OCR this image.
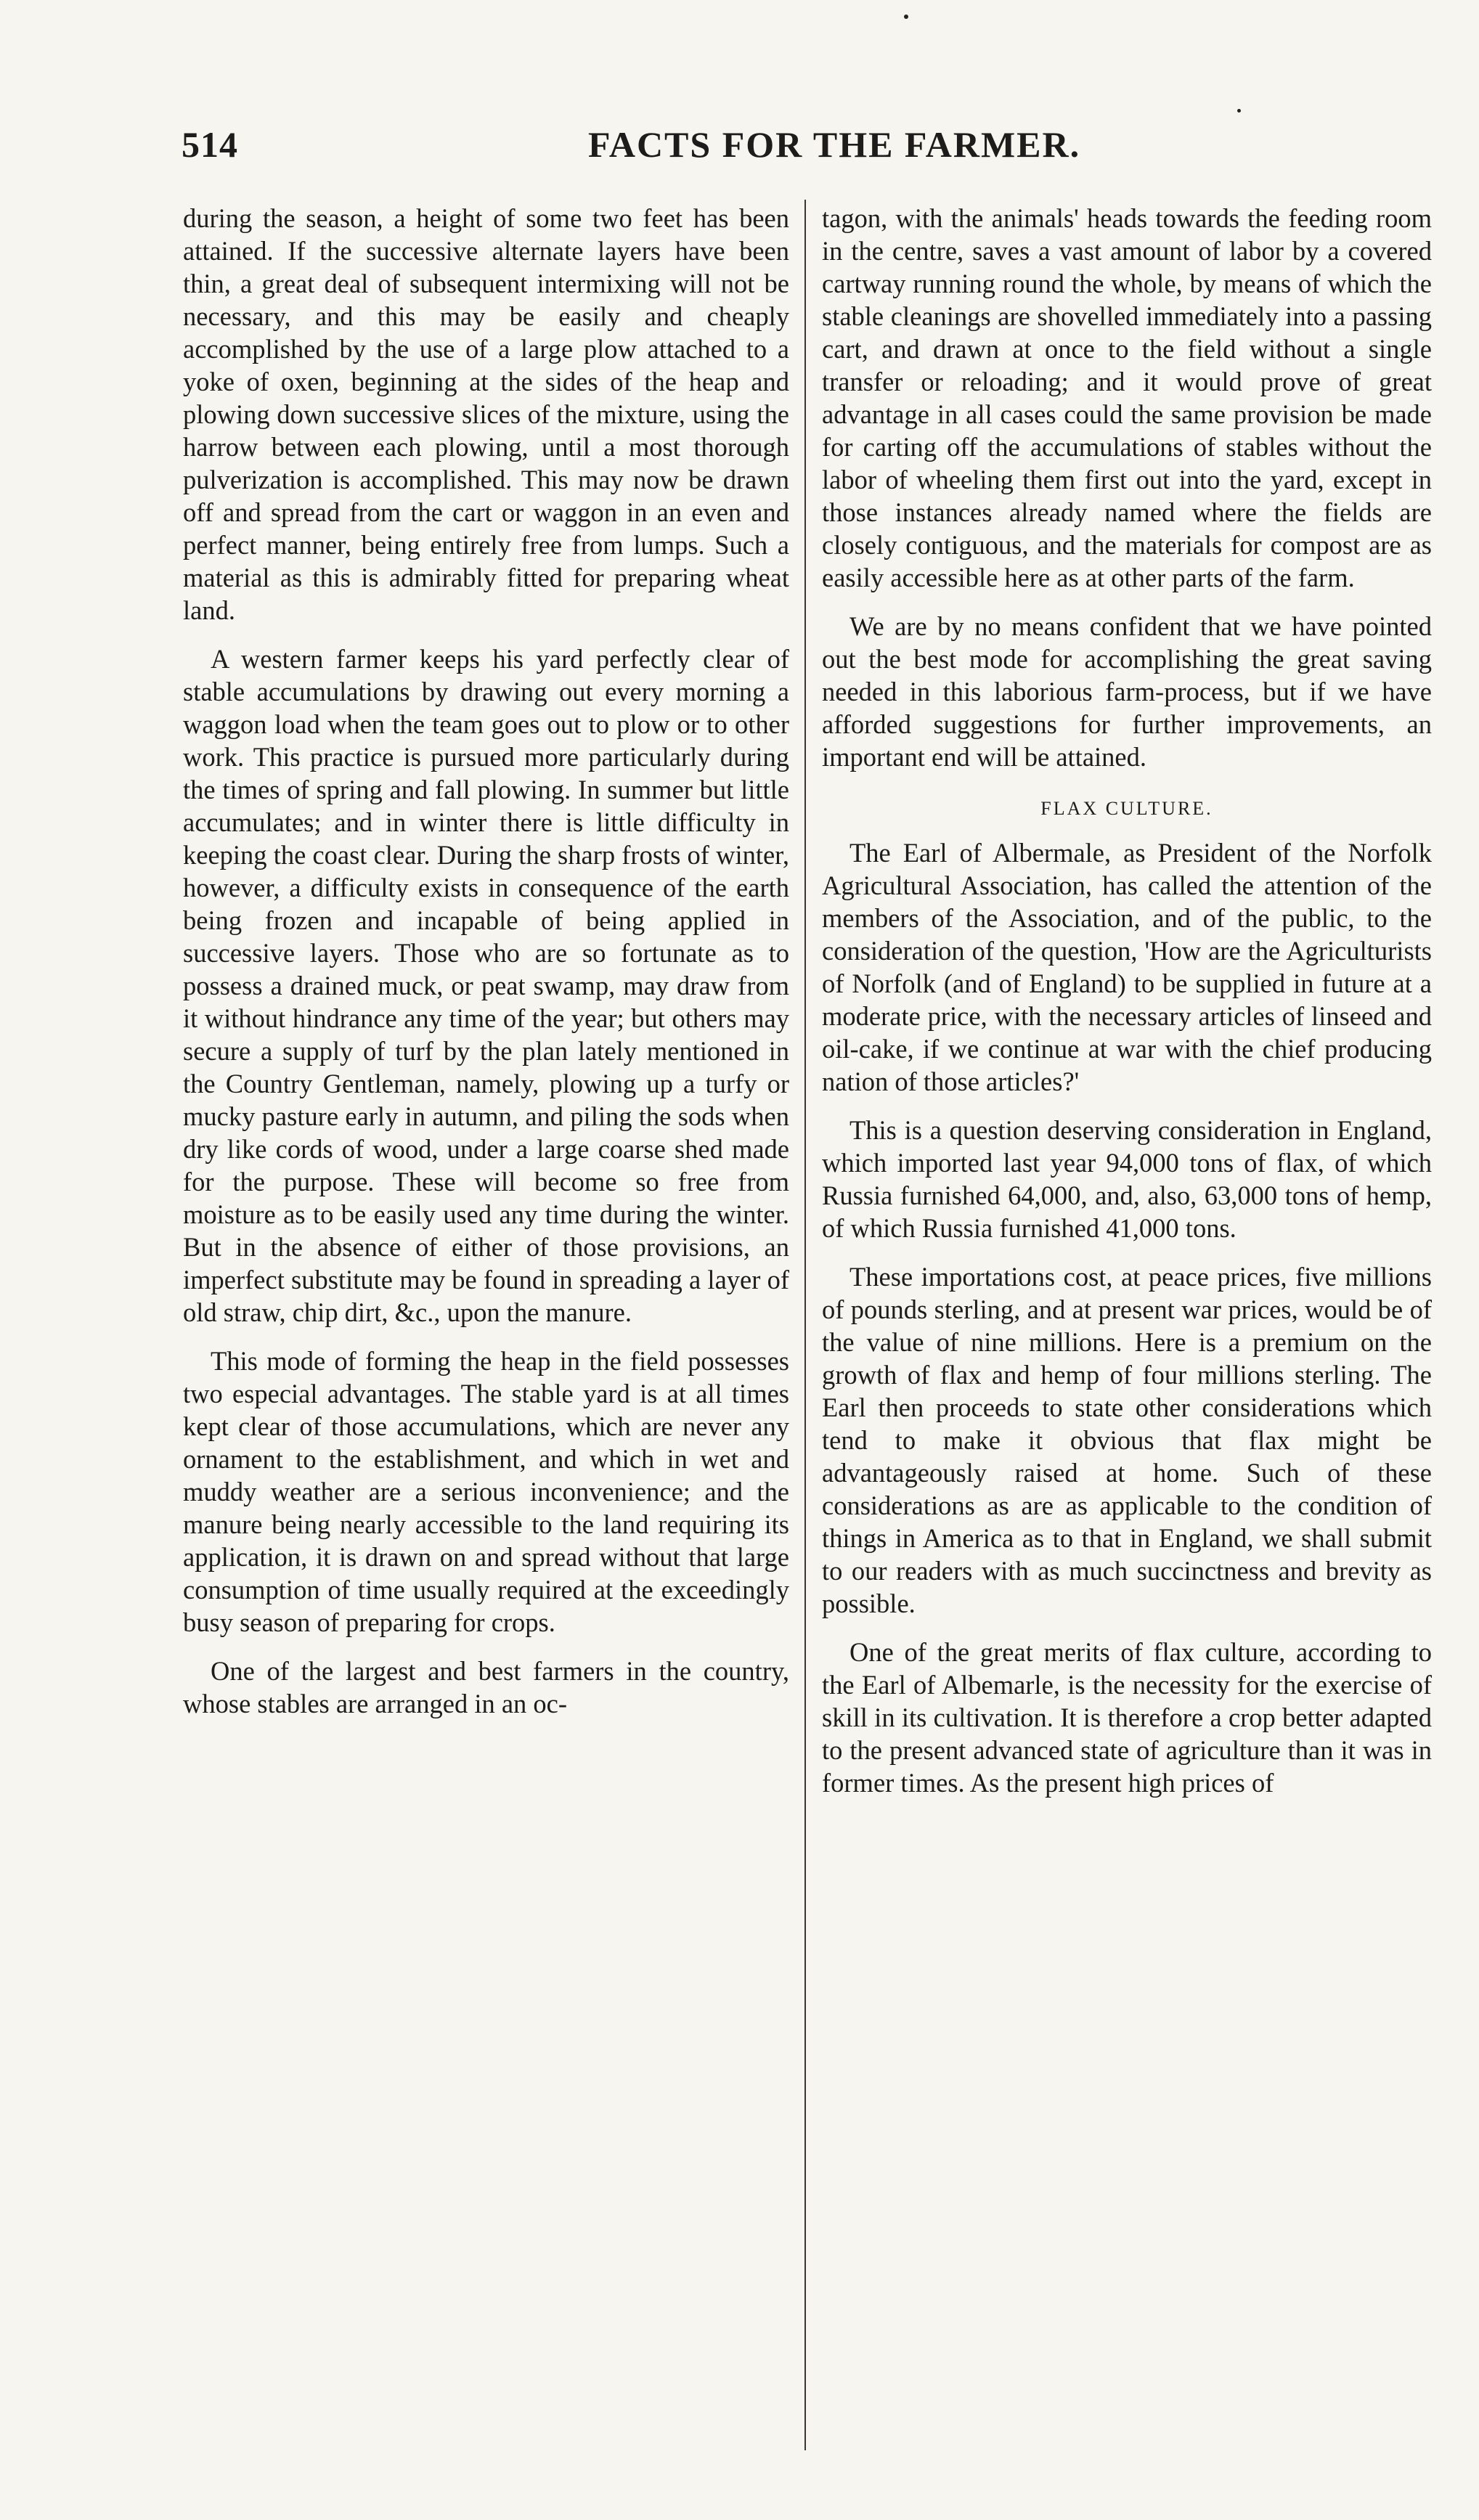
514	FACTS FOR THE FARMER.

during the season, a height of some two feet has been attained. If the successive alternate layers have been thin, a great deal of subsequent intermixing will not be necessary, and this may be easily and cheaply accomplished by the use of a large plow attached to a yoke of oxen, beginning at the sides of the heap and plowing down successive slices of the mixture, using the harrow between each plowing, until a most thorough pulverization is accomplished. This may now be drawn off and spread from the cart or waggon in an even and perfect manner, being entirely free from lumps. Such a material as this is admirably fitted for preparing wheat land.

A western farmer keeps his yard perfectly clear of stable accumulations by drawing out every morning a waggon load when the team goes out to plow or to other work. This practice is pursued more particularly during the times of spring and fall plowing. In summer but little accumulates; and in winter there is little difficulty in keeping the coast clear. During the sharp frosts of winter, however, a difficulty exists in consequence of the earth being frozen and incapable of being applied in successive layers. Those who are so fortunate as to possess a drained muck, or peat swamp, may draw from it without hindrance any time of the year; but others may secure a supply of turf by the plan lately mentioned in the Country Gentleman, namely, plowing up a turfy or mucky pasture early in autumn, and piling the sods when dry like cords of wood, under a large coarse shed made for the purpose. These will become so free from moisture as to be easily used any time during the winter. But in the absence of either of those provisions, an imperfect substitute may be found in spreading a layer of old straw, chip dirt, &c., upon the manure.

This mode of forming the heap in the field possesses two especial advantages. The stable yard is at all times kept clear of those accumulations, which are never any ornament to the establishment, and which in wet and muddy weather are a serious inconvenience; and the manure being nearly accessible to the land requiring its application, it is drawn on and spread without that large consumption of time usually required at the exceedingly busy season of preparing for crops.

One of the largest and best farmers in the country, whose stables are arranged in an oc-

tagon, with the animals' heads towards the feeding room in the centre, saves a vast amount of labor by a covered cartway running round the whole, by means of which the stable cleanings are shovelled immediately into a passing cart, and drawn at once to the field without a single transfer or reloading; and it would prove of great advantage in all cases could the same provision be made for carting off the accumulations of stables without the labor of wheeling them first out into the yard, except in those instances already named where the fields are closely contiguous, and the materials for compost are as easily accessible here as at other parts of the farm.

We are by no means confident that we have pointed out the best mode for accomplishing the great saving needed in this laborious farm-process, but if we have afforded suggestions for further improvements, an important end will be attained.

FLAX CULTURE.

The Earl of Albermale, as President of the Norfolk Agricultural Association, has called the attention of the members of the Association, and of the public, to the consideration of the question, 'How are the Agriculturists of Norfolk (and of England) to be supplied in future at a moderate price, with the necessary articles of linseed and oil-cake, if we continue at war with the chief producing nation of those articles?'

This is a question deserving consideration in England, which imported last year 94,000 tons of flax, of which Russia furnished 64,000, and, also, 63,000 tons of hemp, of which Russia furnished 41,000 tons.

These importations cost, at peace prices, five millions of pounds sterling, and at present war prices, would be of the value of nine millions. Here is a premium on the growth of flax and hemp of four millions sterling. The Earl then proceeds to state other considerations which tend to make it obvious that flax might be advantageously raised at home. Such of these considerations as are as applicable to the condition of things in America as to that in England, we shall submit to our readers with as much succinctness and brevity as possible.

One of the great merits of flax culture, according to the Earl of Albemarle, is the necessity for the exercise of skill in its cultivation. It is therefore a crop better adapted to the present advanced state of agriculture than it was in former times. As the present high prices of
